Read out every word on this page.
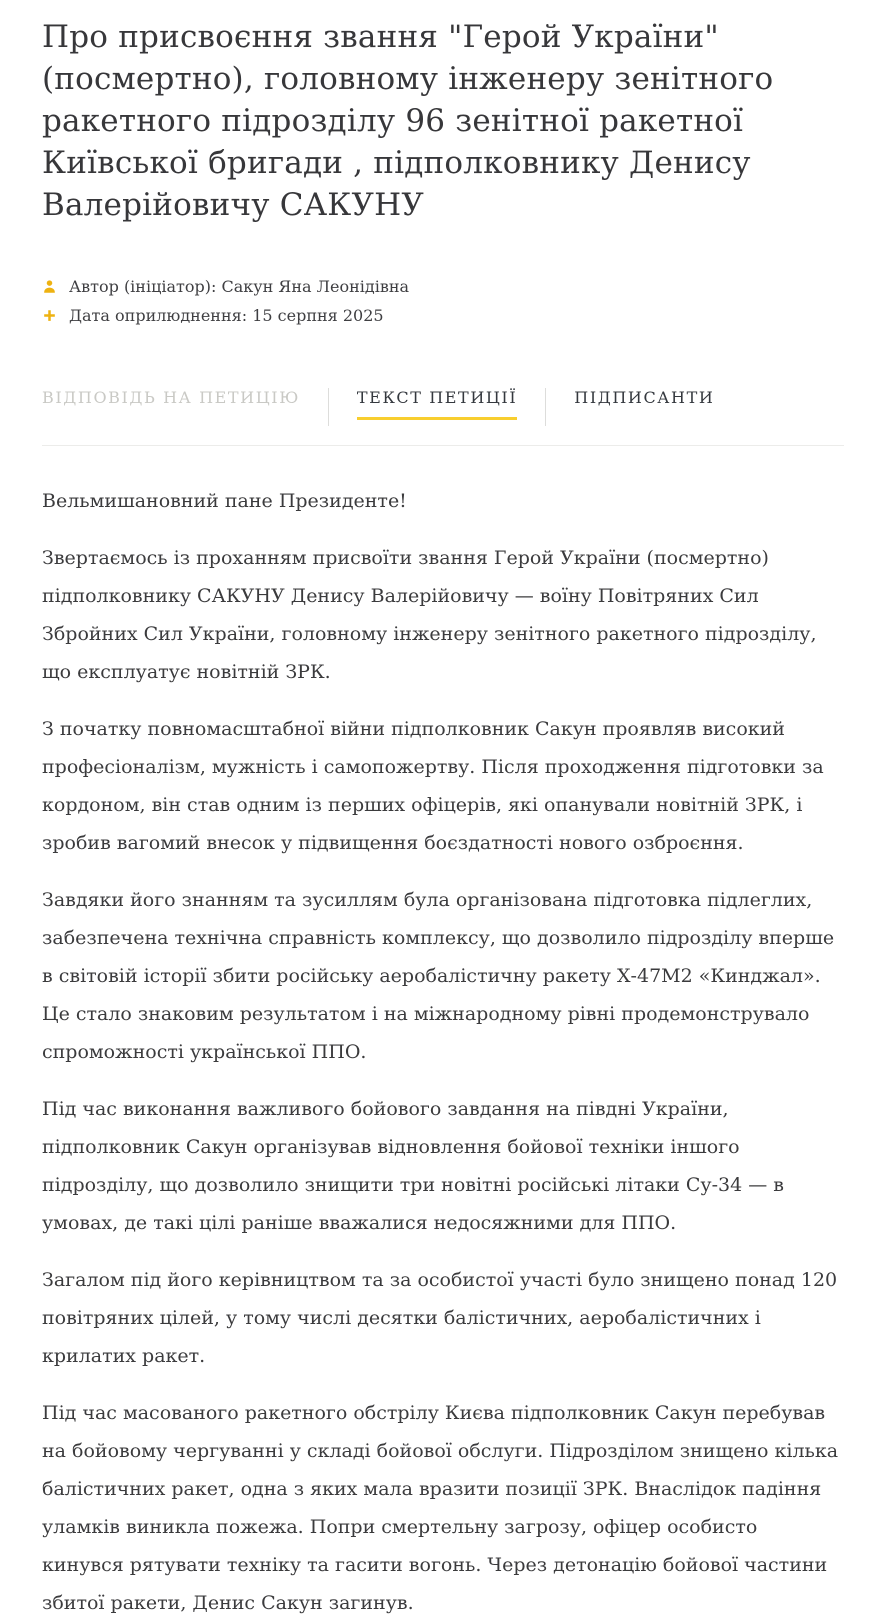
Про присвоєння звання "Герой України" (посмертно), головному інженеру зенітного ракетного підрозділу 96 зенітної ракетної Київської бригади , підполковнику Денису Валерійовичу САКУНУ
Автор (ініціатор): Сакун Яна Леонідівна
Дата оприлюднення: 15 серпня 2025
ВІДПОВІДЬ НА ПЕТИЦІЮ	ТЕКСТ ПЕТИЦІЇ	ПІДПИСАНТИ

Вельмишановний пане Президенте!

Звертаємось із проханням присвоїти звання Герой України (посмертно) підполковнику САКУНУ Денису Валерійовичу — воїну Повітряних Сил Збройних Сил України, головному інженеру зенітного ракетного підрозділу, що експлуатує новітній ЗРК.

З початку повномасштабної війни підполковник Сакун проявляв високий професіоналізм, мужність і самопожертву. Після проходження підготовки за кордоном, він став одним із перших офіцерів, які опанували новітній ЗРК, і зробив вагомий внесок у підвищення боєздатності нового озброєння.

Завдяки його знанням та зусиллям була організована підготовка підлеглих, забезпечена технічна справність комплексу, що дозволило підрозділу вперше в світовій історії збити російську аеробалістичну ракету Х-47М2 «Кинджал». Це стало знаковим результатом і на міжнародному рівні продемонструвало спроможності української ППО.

Під час виконання важливого бойового завдання на півдні України, підполковник Сакун організував відновлення бойової техніки іншого підрозділу, що дозволило знищити три новітні російські літаки Су-34 — в умовах, де такі цілі раніше вважалися недосяжними для ППО.

Загалом під його керівництвом та за особистої участі було знищено понад 120 повітряних цілей, у тому числі десятки балістичних, аеробалістичних і крилатих ракет.

Під час масованого ракетного обстрілу Києва підполковник Сакун перебував на бойовому чергуванні у складі бойової обслуги. Підрозділом знищено кілька балістичних ракет, одна з яких мала вразити позиції ЗРК. Внаслідок падіння уламків виникла пожежа. Попри смертельну загрозу, офіцер особисто кинувся рятувати техніку та гасити вогонь. Через детонацію бойової частини збитої ракети, Денис Сакун загинув.
